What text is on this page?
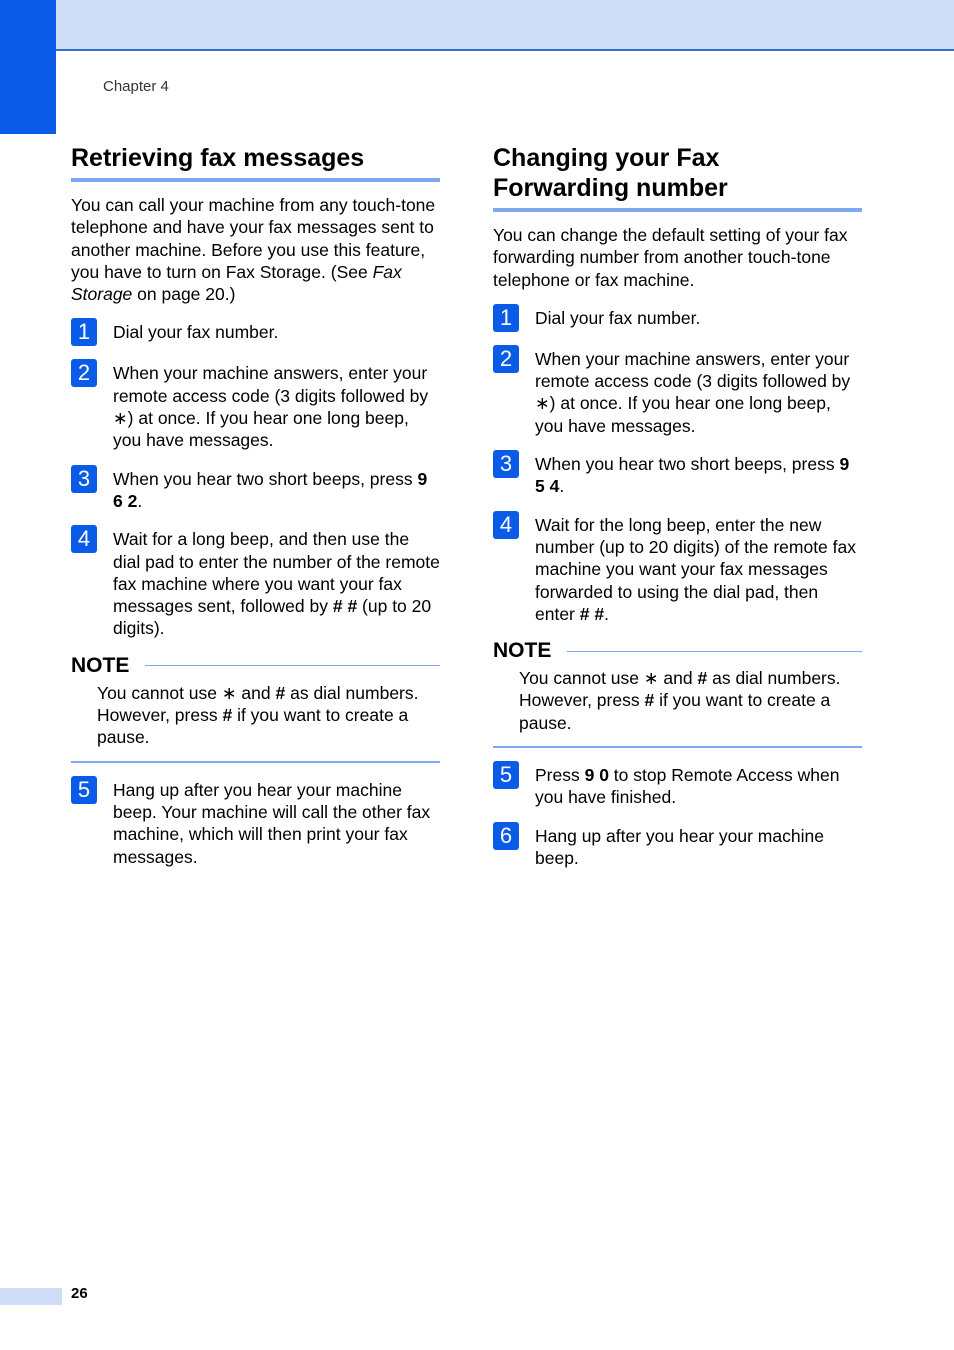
Chapter 4
Retrieving fax messages

You can call your machine from any touch-tone telephone and have your fax messages sent to another machine. Before you use this feature, you have to turn on Fax Storage. (See Fax Storage on page 20.)

1	Dial your fax number.
2	When your machine answers, enter your remote access code (3 digits followed by ∗) at once. If you hear one long beep, you have messages.
3	When you hear two short beeps, press 9 6 2.
4	Wait for a long beep, and then use the dial pad to enter the number of the remote fax machine where you want your fax messages sent, followed by # # (up to 20 digits).
NOTE
You cannot use ∗ and # as dial numbers. However, press # if you want to create a pause.
5	Hang up after you hear your machine beep. Your machine will call the other fax machine, which will then print your fax messages.
Changing your Fax Forwarding number

You can change the default setting of your fax forwarding number from another touch-tone telephone or fax machine.

1	Dial your fax number.
2	When your machine answers, enter your remote access code (3 digits followed by ∗) at once. If you hear one long beep, you have messages.
3	When you hear two short beeps, press 9 5 4.
4	Wait for the long beep, enter the new number (up to 20 digits) of the remote fax machine you want your fax messages forwarded to using the dial pad, then enter # #.
NOTE
You cannot use ∗ and # as dial numbers. However, press # if you want to create a pause.
5	Press 9 0 to stop Remote Access when you have finished.
6	Hang up after you hear your machine beep.
26
